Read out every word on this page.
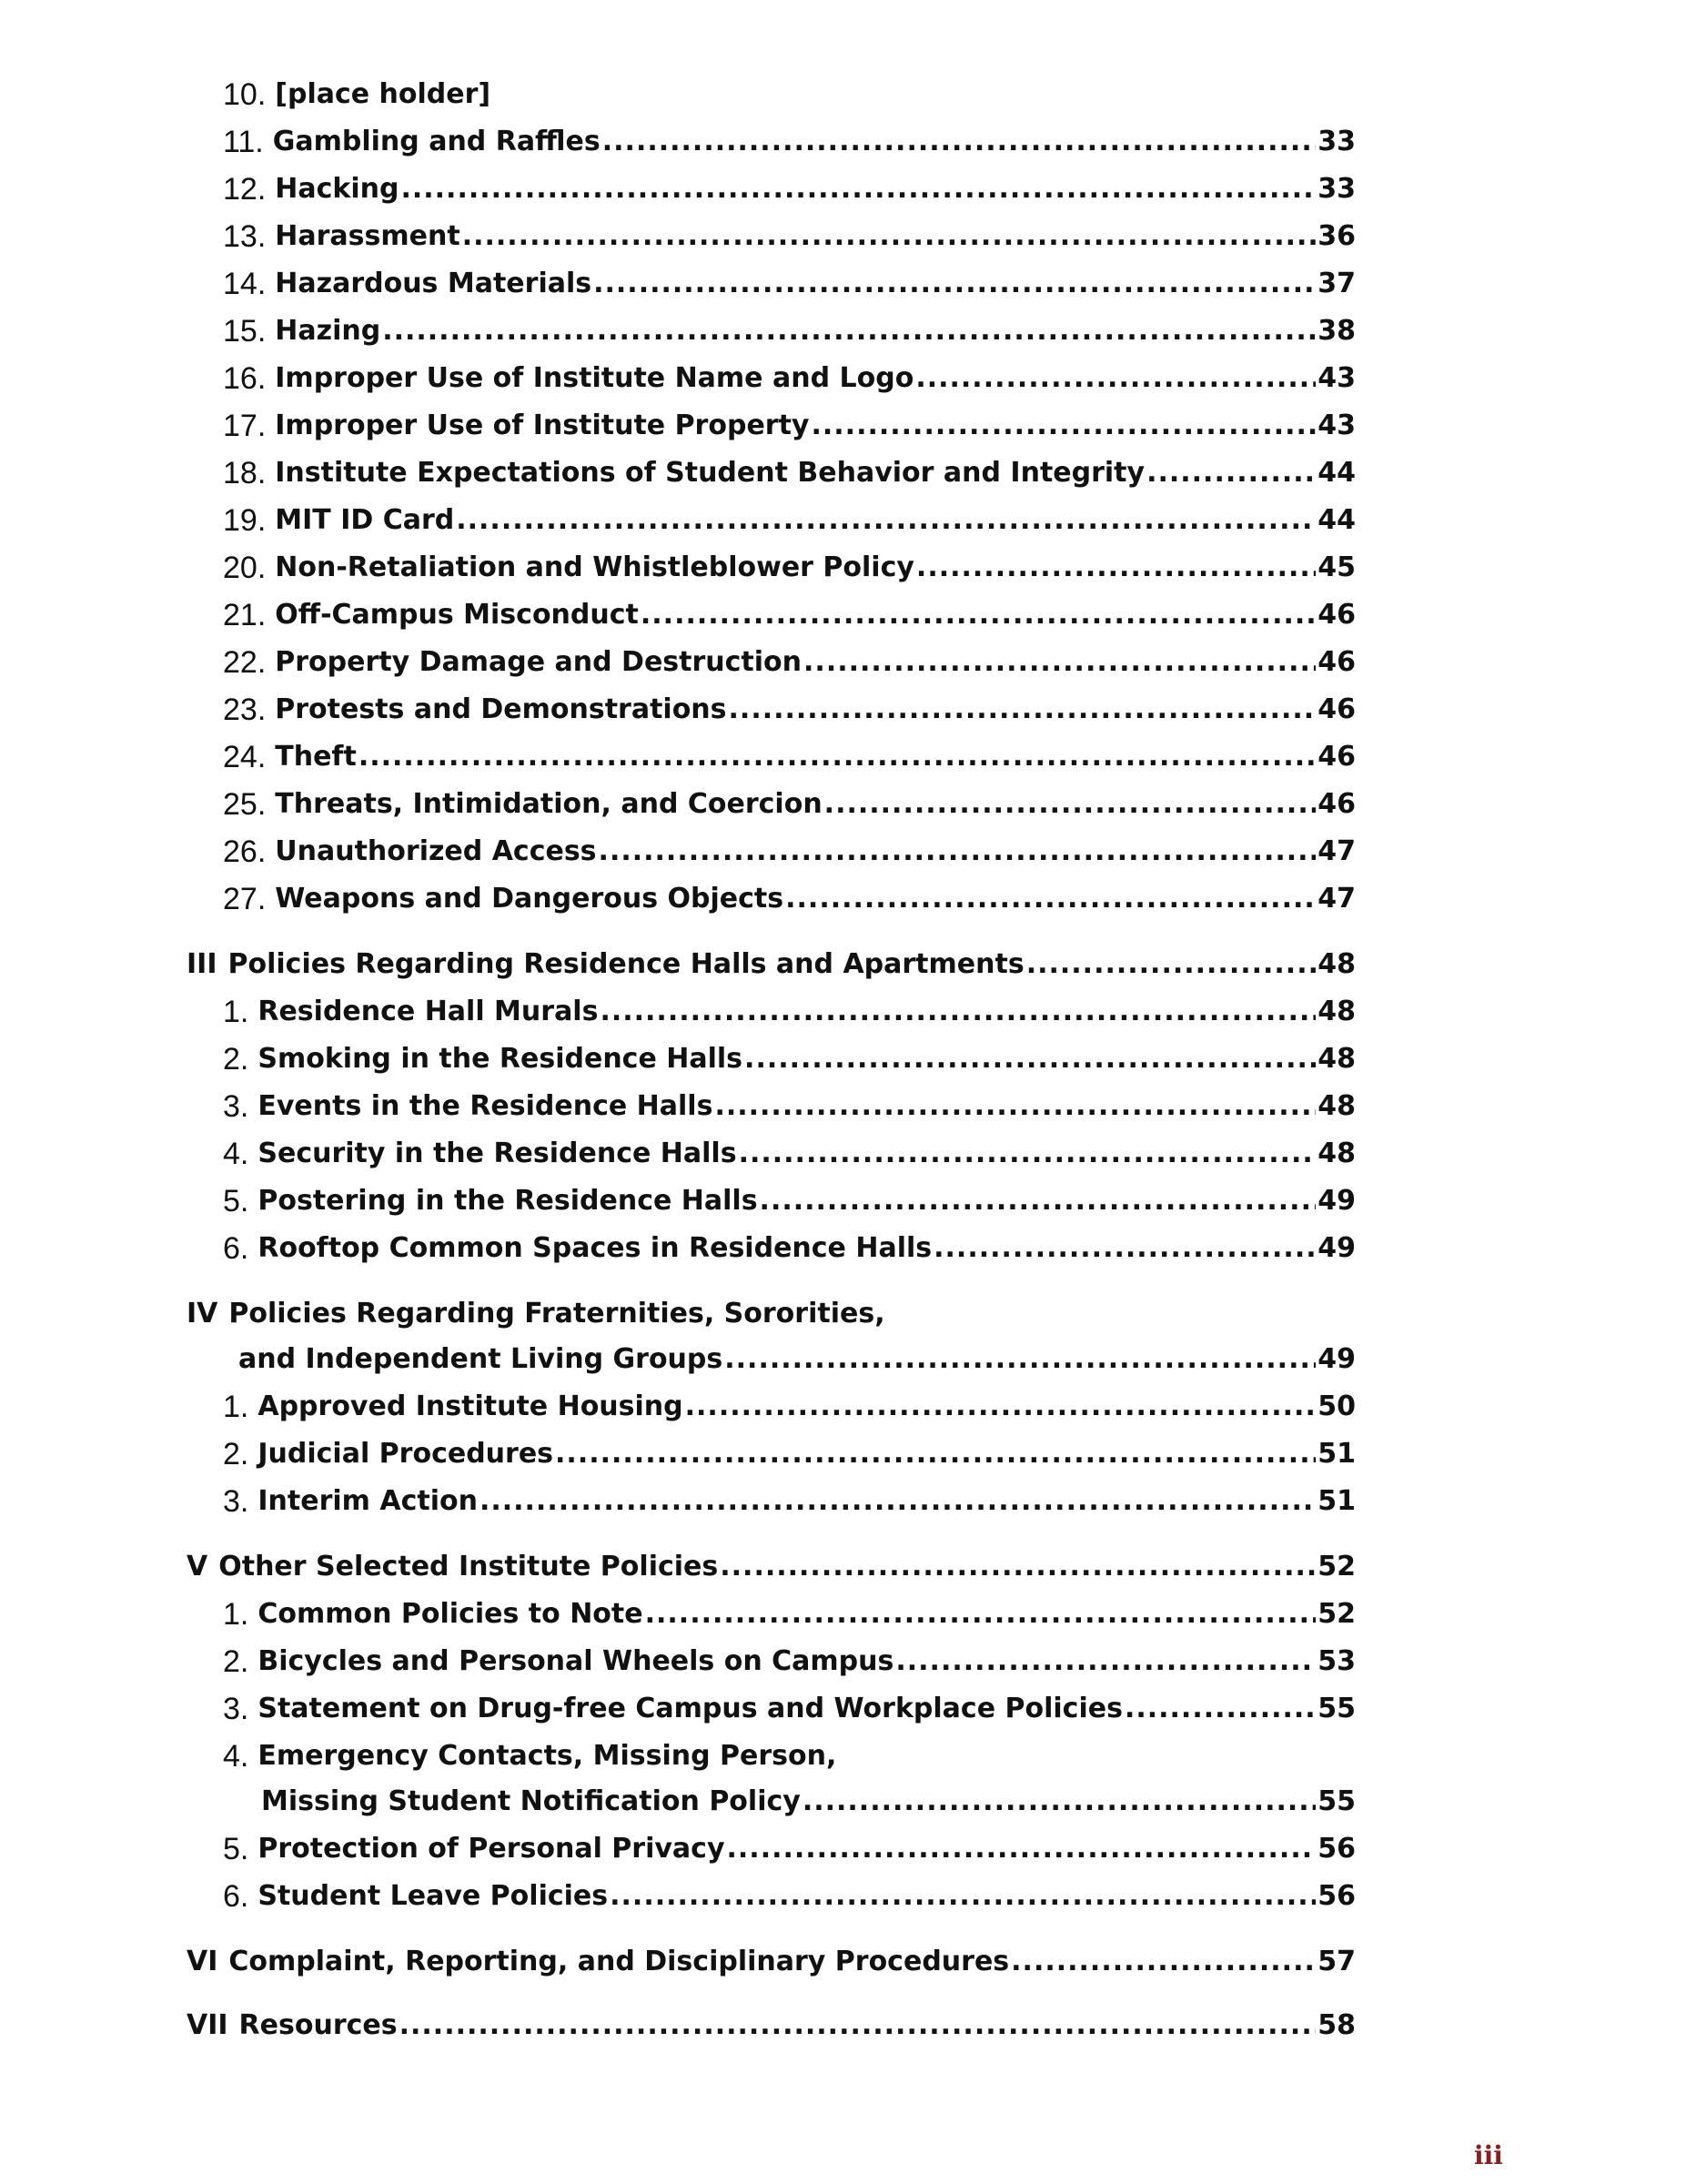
10. [place holder]
11. Gambling and Raffles .....	33
12. Hacking .....	33
13. Harassment .....	36
14. Hazardous Materials .....	37
15. Hazing .....	38
16. Improper Use of Institute Name and Logo .....	43
17. Improper Use of Institute Property .....	43
18. Institute Expectations of Student Behavior and Integrity .....	44
19. MIT ID Card .....	44
20. Non-Retaliation and Whistleblower Policy .....	45
21. Off-Campus Misconduct .....	46
22. Property Damage and Destruction .....	46
23. Protests and Demonstrations .....	46
24. Theft .....	46
25. Threats, Intimidation, and Coercion .....	46
26. Unauthorized Access .....	47
27. Weapons and Dangerous Objects .....	47
III Policies Regarding Residence Halls and Apartments .....	48
1. Residence Hall Murals .....	48
2. Smoking in the Residence Halls .....	48
3. Events in the Residence Halls .....	48
4. Security in the Residence Halls .....	48
5. Postering in the Residence Halls .....	49
6. Rooftop Common Spaces in Residence Halls .....	49
IV Policies Regarding Fraternities, Sororities,
and Independent Living Groups .....	49
1. Approved Institute Housing .....	50
2. Judicial Procedures .....	51
3. Interim Action .....	51
V Other Selected Institute Policies .....	52
1. Common Policies to Note .....	52
2. Bicycles and Personal Wheels on Campus .....	53
3. Statement on Drug-free Campus and Workplace Policies .....	55
4. Emergency Contacts, Missing Person,
Missing Student Notification Policy .....	55
5. Protection of Personal Privacy .....	56
6. Student Leave Policies .....	56
VI Complaint, Reporting, and Disciplinary Procedures .....	57
VII Resources .....	58
iii
